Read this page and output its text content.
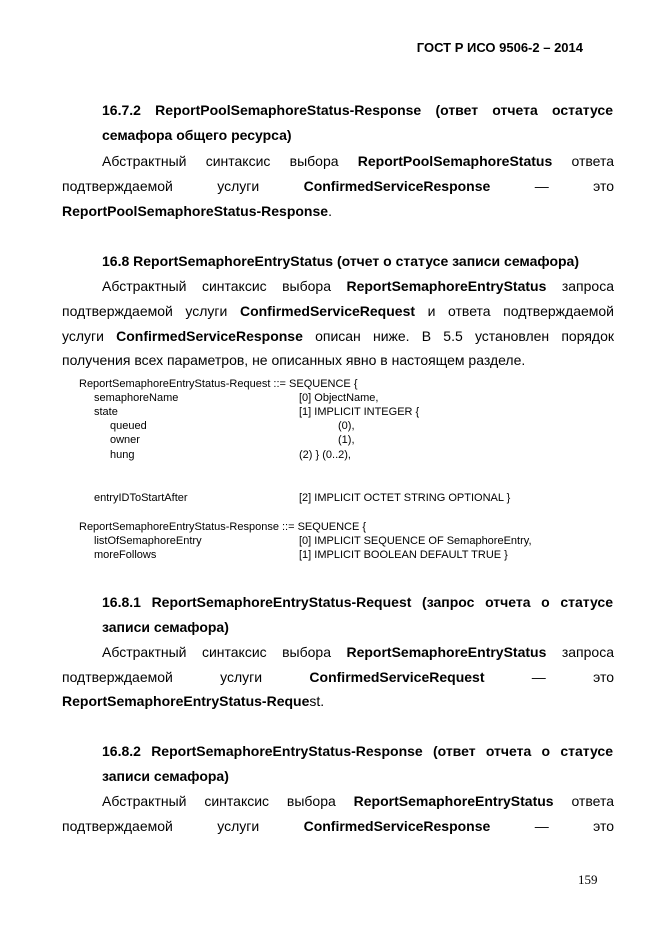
ГОСТ Р ИСО 9506-2 – 2014
16.7.2 ReportPoolSemaphoreStatus-Response (ответ отчета остатусе
семафора общего ресурса)
Абстрактный синтаксис выбора ReportPoolSemaphoreStatus ответа
подтверждаемой услуги ConfirmedServiceResponse — это
ReportPoolSemaphoreStatus-Response.
16.8 ReportSemaphoreEntryStatus (отчет о статусе записи семафора)
Абстрактный синтаксис выбора ReportSemaphoreEntryStatus запроса
подтверждаемой услуги ConfirmedServiceRequest и ответа подтверждаемой
услуги ConfirmedServiceResponse описан ниже. В 5.5 установлен порядок
получения всех параметров, не описанных явно в настоящем разделе.
ReportSemaphoreEntryStatus-Request ::= SEQUENCE {
semaphoreName	[0] ObjectName,
state	[1] IMPLICIT INTEGER {
queued	(0),
owner	(1),
hung	(2) } (0..2),
entryIDToStartAfter	[2] IMPLICIT OCTET STRING OPTIONAL }
ReportSemaphoreEntryStatus-Response ::= SEQUENCE {
listOfSemaphoreEntry	[0] IMPLICIT SEQUENCE OF SemaphoreEntry,
moreFollows	[1] IMPLICIT BOOLEAN DEFAULT TRUE }
16.8.1 ReportSemaphoreEntryStatus-Request (запрос отчета о статусе
записи семафора)
Абстрактный синтаксис выбора ReportSemaphoreEntryStatus запроса
подтверждаемой услуги ConfirmedServiceRequest — это
ReportSemaphoreEntryStatus-Request.
16.8.2 ReportSemaphoreEntryStatus-Response (ответ отчета о статусе
записи семафора)
Абстрактный синтаксис выбора ReportSemaphoreEntryStatus ответа
подтверждаемой услуги ConfirmedServiceResponse — это
159
